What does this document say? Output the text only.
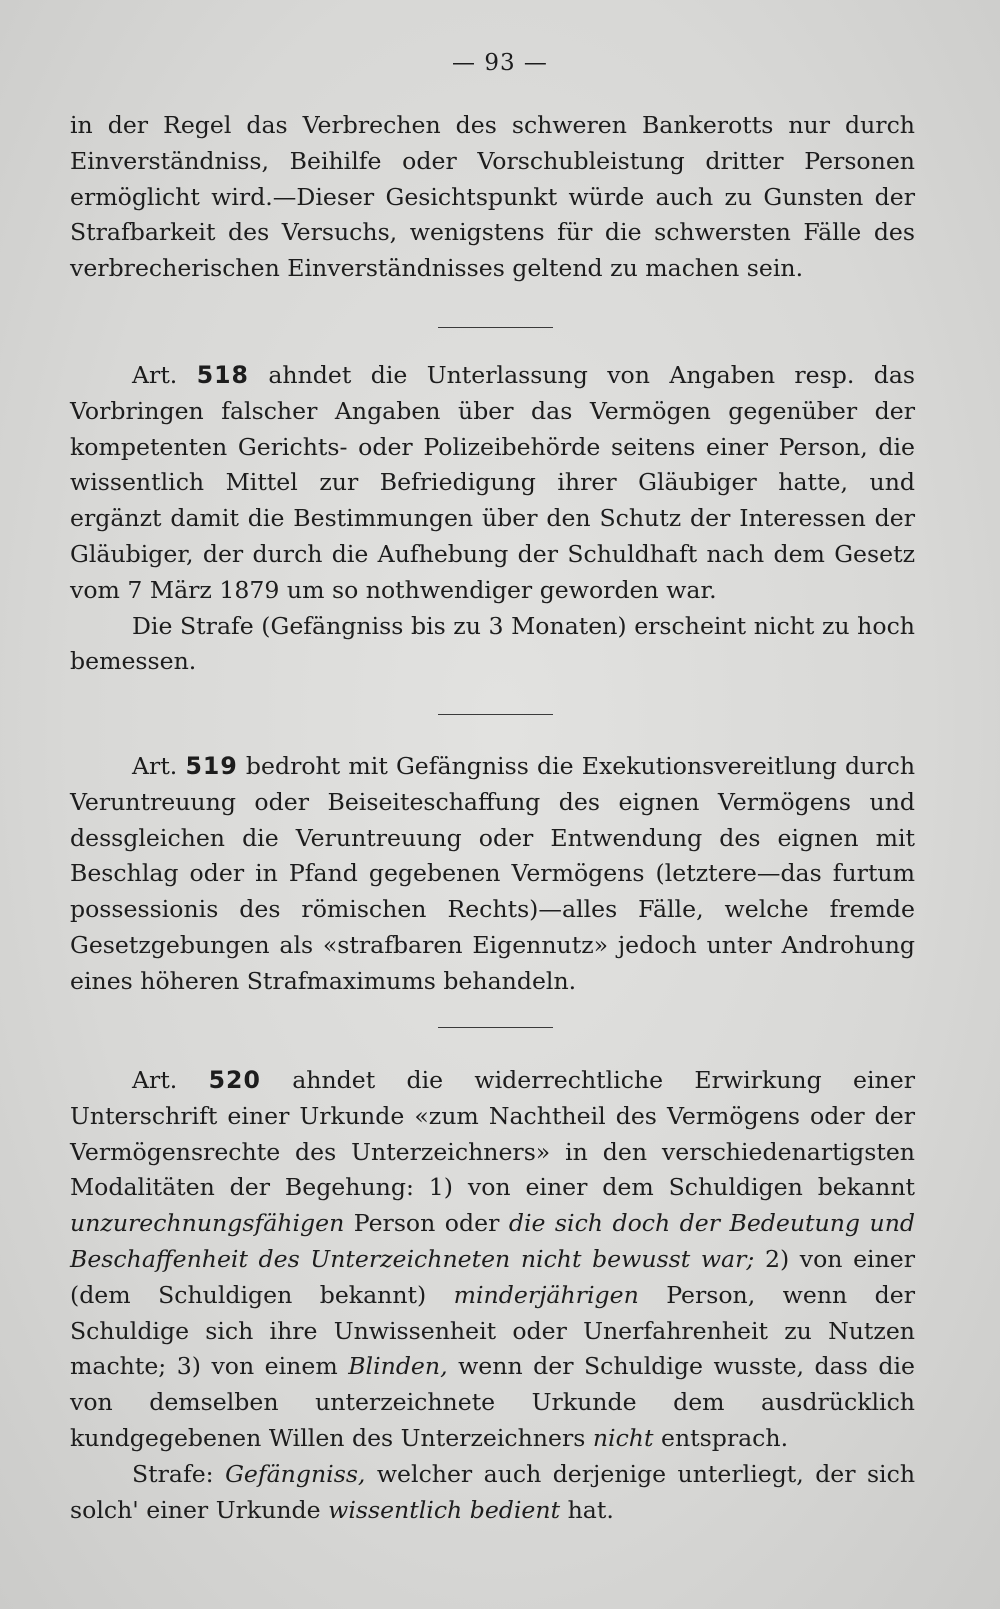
— 93 —

in der Regel das Verbrechen des schweren Bankerotts nur durch Einverständniss, Beihilfe oder Vorschubleistung dritter Personen ermöglicht wird.—Dieser Gesichtspunkt würde auch zu Gunsten der Strafbarkeit des Versuchs, wenigstens für die schwersten Fälle des verbrecherischen Einverständnisses geltend zu machen sein.

Art. 518 ahndet die Unterlassung von Angaben resp. das Vorbringen falscher Angaben über das Vermögen gegenüber der kompetenten Gerichts- oder Polizeibehörde seitens einer Person, die wissentlich Mittel zur Befriedigung ihrer Gläubiger hatte, und ergänzt damit die Bestimmungen über den Schutz der Interessen der Gläubiger, der durch die Aufhebung der Schuldhaft nach dem Gesetz vom 7 März 1879 um so nothwendiger geworden war.

Die Strafe (Gefängniss bis zu 3 Monaten) erscheint nicht zu hoch bemessen.

Art. 519 bedroht mit Gefängniss die Exekutionsvereitlung durch Veruntreuung oder Beiseiteschaffung des eignen Vermögens und dessgleichen die Veruntreuung oder Entwendung des eignen mit Beschlag oder in Pfand gegebenen Vermögens (letztere—das furtum possessionis des römischen Rechts)—alles Fälle, welche fremde Gesetzgebungen als «strafbaren Eigennutz» jedoch unter Androhung eines höheren Strafmaximums behandeln.

Art. 520 ahndet die widerrechtliche Erwirkung einer Unterschrift einer Urkunde «zum Nachtheil des Vermögens oder der Vermögensrechte des Unterzeichners» in den verschiedenartigsten Modalitäten der Begehung: 1) von einer dem Schuldigen bekannt unzurechnungsfähigen Person oder die sich doch der Bedeutung und Beschaffenheit des Unterzeichneten nicht bewusst war; 2) von einer (dem Schuldigen bekannt) minderjährigen Person, wenn der Schuldige sich ihre Unwissenheit oder Unerfahrenheit zu Nutzen machte; 3) von einem Blinden, wenn der Schuldige wusste, dass die von demselben unterzeichnete Urkunde dem ausdrücklich kundgegebenen Willen des Unterzeichners nicht entsprach.

Strafe: Gefängniss, welcher auch derjenige unterliegt, der sich solch' einer Urkunde wissentlich bedient hat.
